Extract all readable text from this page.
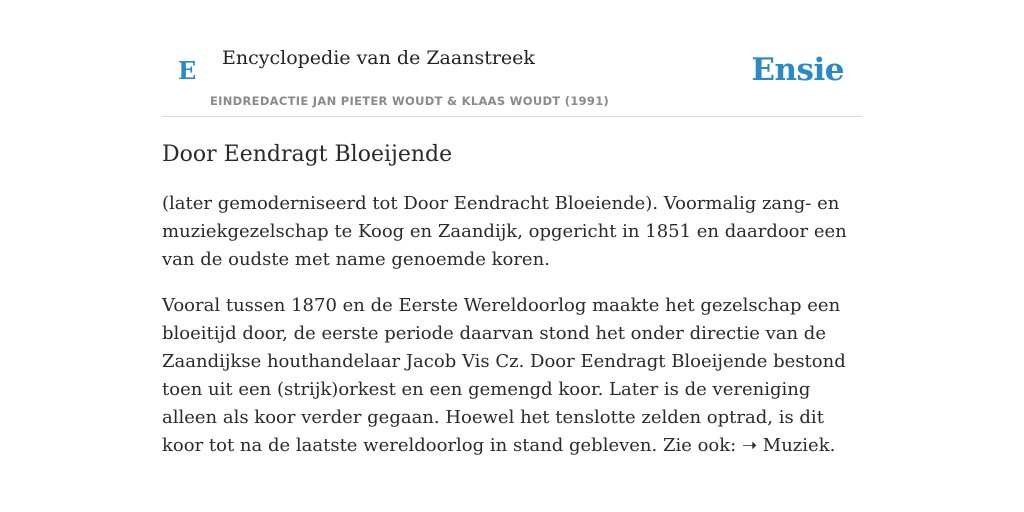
E Encyclopedie van de Zaanstreek
EINDREDACTIE JAN PIETER WOUDT & KLAAS WOUDT (1991)
Ensie
Door Eendragt Bloeijende

(later gemoderniseerd tot Door Eendracht Bloeiende). Voormalig zang- en muziekgezelschap te Koog en Zaandijk, opgericht in 1851 en daardoor een van de oudste met name genoemde koren.

Vooral tussen 1870 en de Eerste Wereldoorlog maakte het gezelschap een bloeitijd door, de eerste periode daarvan stond het onder directie van de Zaandijkse houthandelaar Jacob Vis Cz. Door Eendragt Bloeijende bestond toen uit een (strijk)orkest en een gemengd koor. Later is de vereniging alleen als koor verder gegaan. Hoewel het tenslotte zelden optrad, is dit koor tot na de laatste wereldoorlog in stand gebleven. Zie ook: ➝ Muziek.
